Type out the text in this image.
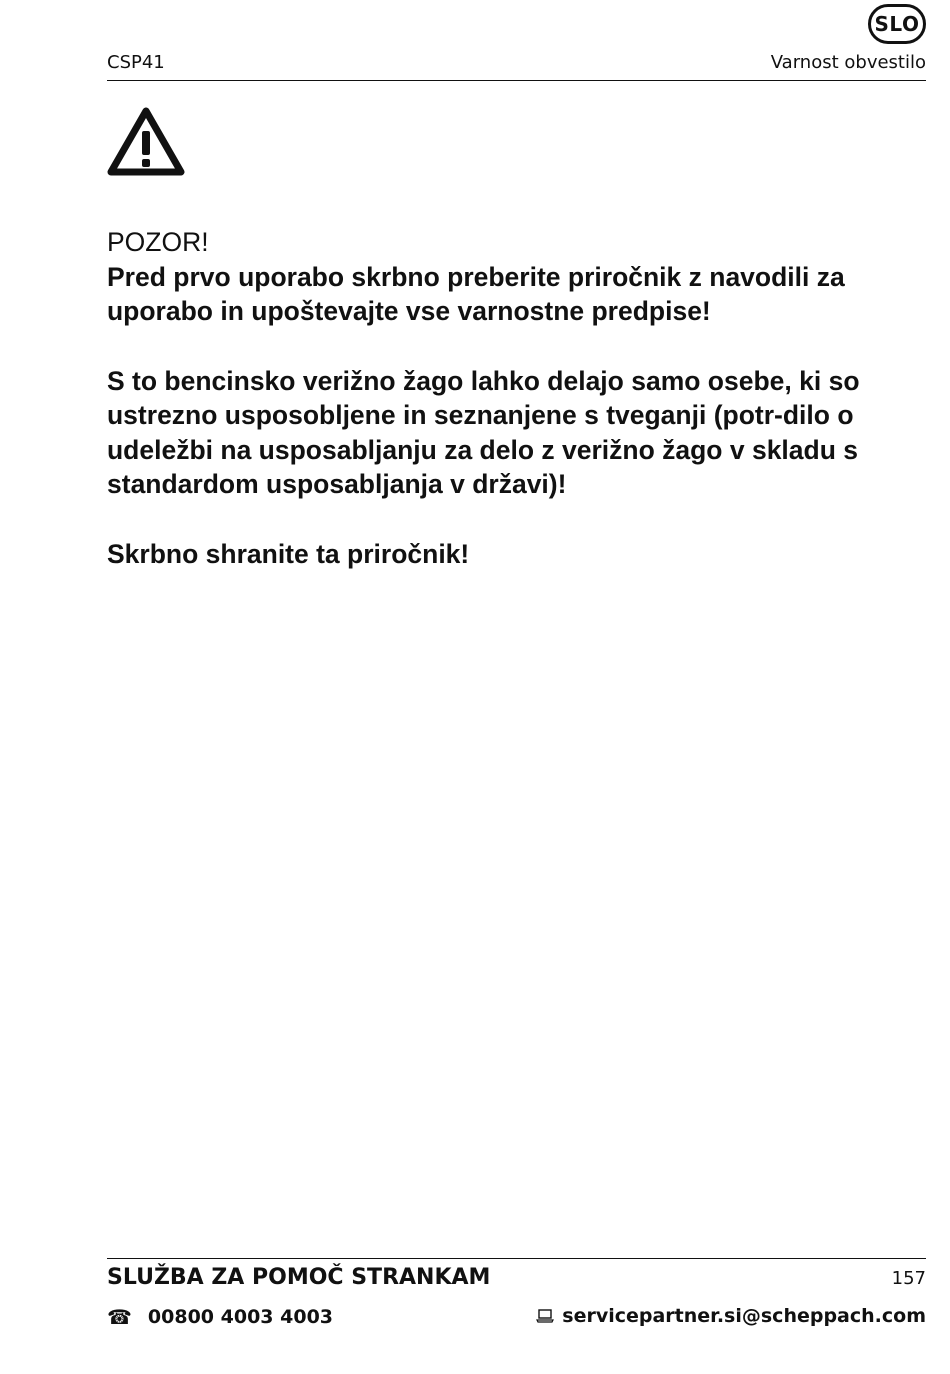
SLO
CSP41	Varnost obvestilo

POZOR!
Pred prvo uporabo skrbno preberite priročnik z navodili za uporabo in upoštevajte vse varnostne predpise!

S to bencinsko verižno žago lahko delajo samo osebe, ki so ustrezno usposobljene in seznanjene s tveganji (potr-dilo o udeležbi na usposabljanju za delo z verižno žago v skladu s standardom usposabljanja v državi)!

Skrbno shranite ta priročnik!

SLUŽBA ZA POMOČ STRANKAM	157
☎ 00800 4003 4003	servicepartner.si@scheppach.com
